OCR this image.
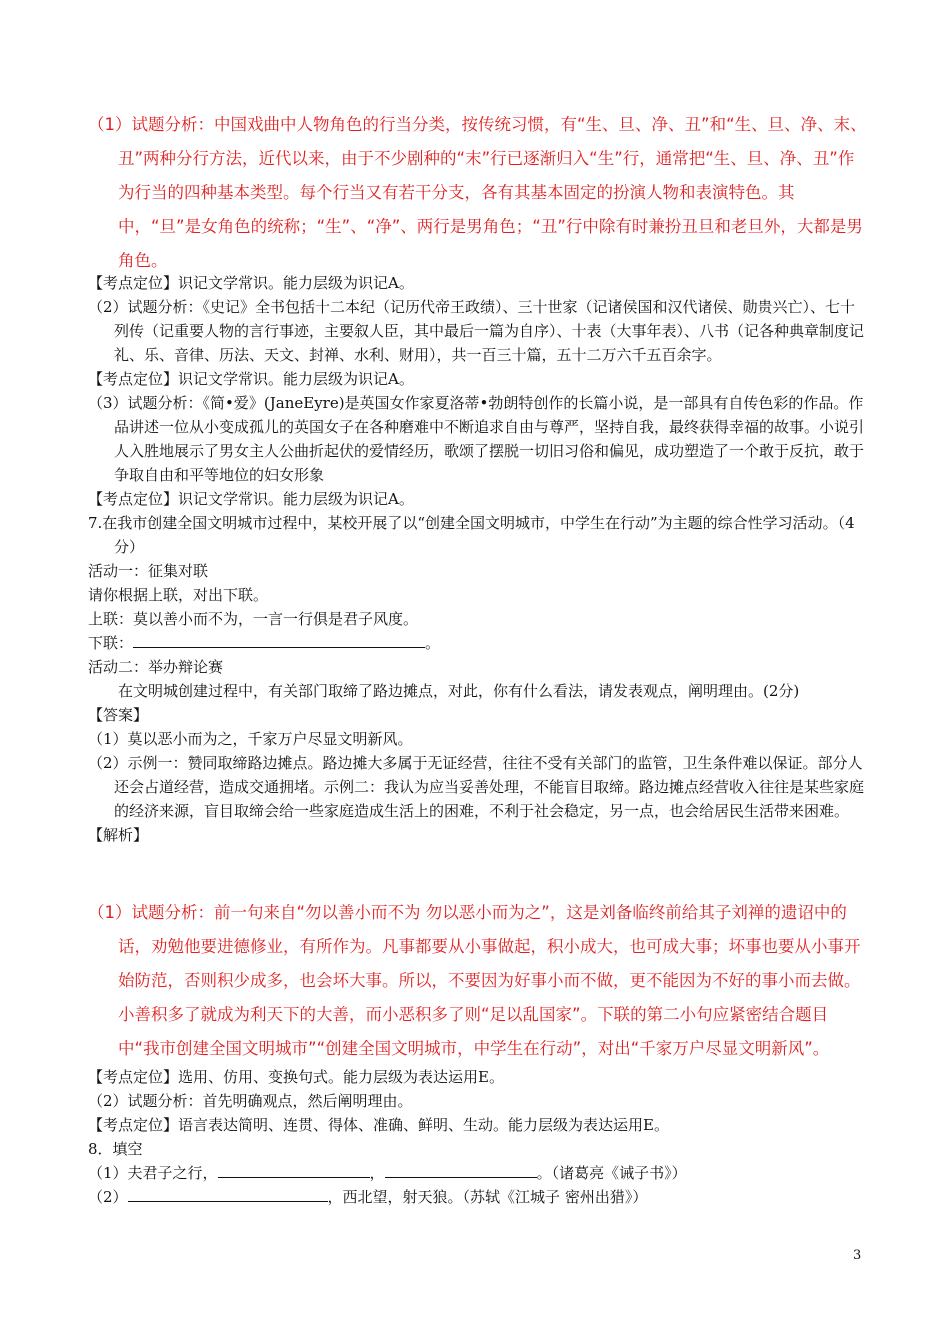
（1）试题分析：中国戏曲中人物角色的行当分类，按传统习惯，有“生、旦、净、丑”和“生、旦、净、末、丑”两种分行方法，近代以来，由于不少剧种的“末”行已逐渐归入“生”行，通常把“生、旦、净、丑”作为行当的四种基本类型。每个行当又有若干分支，各有其基本固定的扮演人物和表演特色。其中，“旦”是女角色的统称；“生”、“净”、两行是男角色；“丑”行中除有时兼扮丑旦和老旦外，大都是男角色。

【考点定位】识记文学常识。能力层级为识记A。

（2）试题分析：《史记》全书包括十二本纪（记历代帝王政绩）、三十世家（记诸侯国和汉代诸侯、勋贵兴亡）、七十列传（记重要人物的言行事迹，主要叙人臣，其中最后一篇为自序）、十表（大事年表）、八书（记各种典章制度记礼、乐、音律、历法、天文、封禅、水利、财用），共一百三十篇，五十二万六千五百余字。

【考点定位】识记文学常识。能力层级为识记A。

（3）试题分析：《简•爱》(JaneEyre)是英国女作家夏洛蒂•勃朗特创作的长篇小说，是一部具有自传色彩的作品。作品讲述一位从小变成孤儿的英国女子在各种磨难中不断追求自由与尊严，坚持自我，最终获得幸福的故事。小说引人入胜地展示了男女主人公曲折起伏的爱情经历，歌颂了摆脱一切旧习俗和偏见，成功塑造了一个敢于反抗，敢于争取自由和平等地位的妇女形象

【考点定位】识记文学常识。能力层级为识记A。

7.在我市创建全国文明城市过程中，某校开展了以“创建全国文明城市，中学生在行动”为主题的综合性学习活动。（4分）

活动一：征集对联

请你根据上联，对出下联。

上联：莫以善小而不为，一言一行俱是君子风度。

下联：	。

活动二：举办辩论赛

在文明城创建过程中，有关部门取缔了路边摊点，对此，你有什么看法，请发表观点，阐明理由。(2分)

【答案】

（1）莫以恶小而为之，千家万户尽显文明新风。

（2）示例一：赞同取缔路边摊点。路边摊大多属于无证经营，往往不受有关部门的监管，卫生条件难以保证。部分人还会占道经营，造成交通拥堵。示例二：我认为应当妥善处理，不能盲目取缔。路边摊点经营收入往往是某些家庭的经济来源，盲目取缔会给一些家庭造成生活上的困难，不利于社会稳定，另一点，也会给居民生活带来困难。

【解析】

（1）试题分析：前一句来自“勿以善小而不为 勿以恶小而为之”，这是刘备临终前给其子刘禅的遗诏中的话，劝勉他要进德修业，有所作为。凡事都要从小事做起，积小成大，也可成大事；坏事也要从小事开始防范，否则积少成多，也会坏大事。所以，不要因为好事小而不做，更不能因为不好的事小而去做。小善积多了就成为利天下的大善，而小恶积多了则“足以乱国家”。下联的第二小句应紧密结合题目中“我市创建全国文明城市”“创建全国文明城市，中学生在行动”，对出“千家万户尽显文明新风”。

【考点定位】选用、仿用、变换句式。能力层级为表达运用E。

（2）试题分析：首先明确观点，然后阐明理由。

【考点定位】语言表达简明、连贯、得体、准确、鲜明、生动。能力层级为表达运用E。

8．填空

（1）夫君子之行，	，	。（诸葛亮《诫子书》）

（2）	，西北望，射天狼。（苏轼《江城子 密州出猎》）

3
